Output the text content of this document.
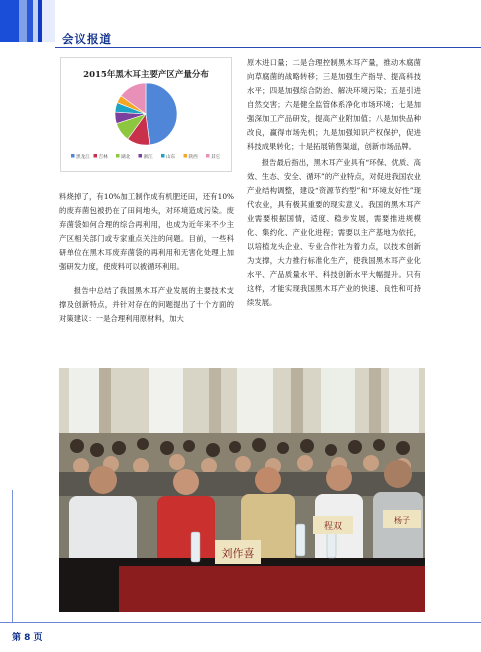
会议报道
2015年黑木耳主要产区产量分布
黑龙江 吉林	湖北	浙江	山东	陕西	其它

料烧掉了，有10%加工制作成有机肥还田，还有10%的废弃菌包被扔在了田间地头，对环境造成污染。废弃菌袋如何合理的综合再利用，也成为近年来不少主产区相关部门或专家重点关注的问题。目前，一些科研单位在黑木耳废弃菌袋的再利用和无害化处理上加强研发力度，使废料可以被循环利用。

报告中总结了我国黑木耳产业发展的主要技术支撑及创新特点，并针对存在的问题提出了十个方面的对策建议：一是合理利用原材料，加大

原木进口量；二是合理控制黑木耳产量，推动木腐菌向草腐菌的战略转移；三是加强生产指导、提高科技水平；四是加强综合防治、解决环境污染；五是引进自然交害；六是健全监管体系净化市场环境；七是加强深加工产品研发，提高产业附加值；八是加快品种改良，赢得市场先机；九是加强知识产权保护，促进科技成果转化；十是拓展销售渠道，创新市场品牌。

报告最后指出，黑木耳产业具有“环保、优质、高效、生态、安全、循环”的产业特点，对促进我国农业产业结构调整，建设“资源节约型”和“环境友好性”现代农业，具有极其重要的现实意义。我国的黑木耳产业需要根据国情，适度、稳步发展，需要推进规模化、集约化、产业化进程；需要以主产基地为依托，以培植龙头企业、专业合作社为着力点，以技术创新为支撑，大力推行标准化生产，使我国黑木耳产业化水平、产品质量水平、科技创新水平大幅提升。只有这样，才能实现我国黑木耳产业的快速、良性和可持续发展。

刘作喜
程双
杨子
第 8 页
